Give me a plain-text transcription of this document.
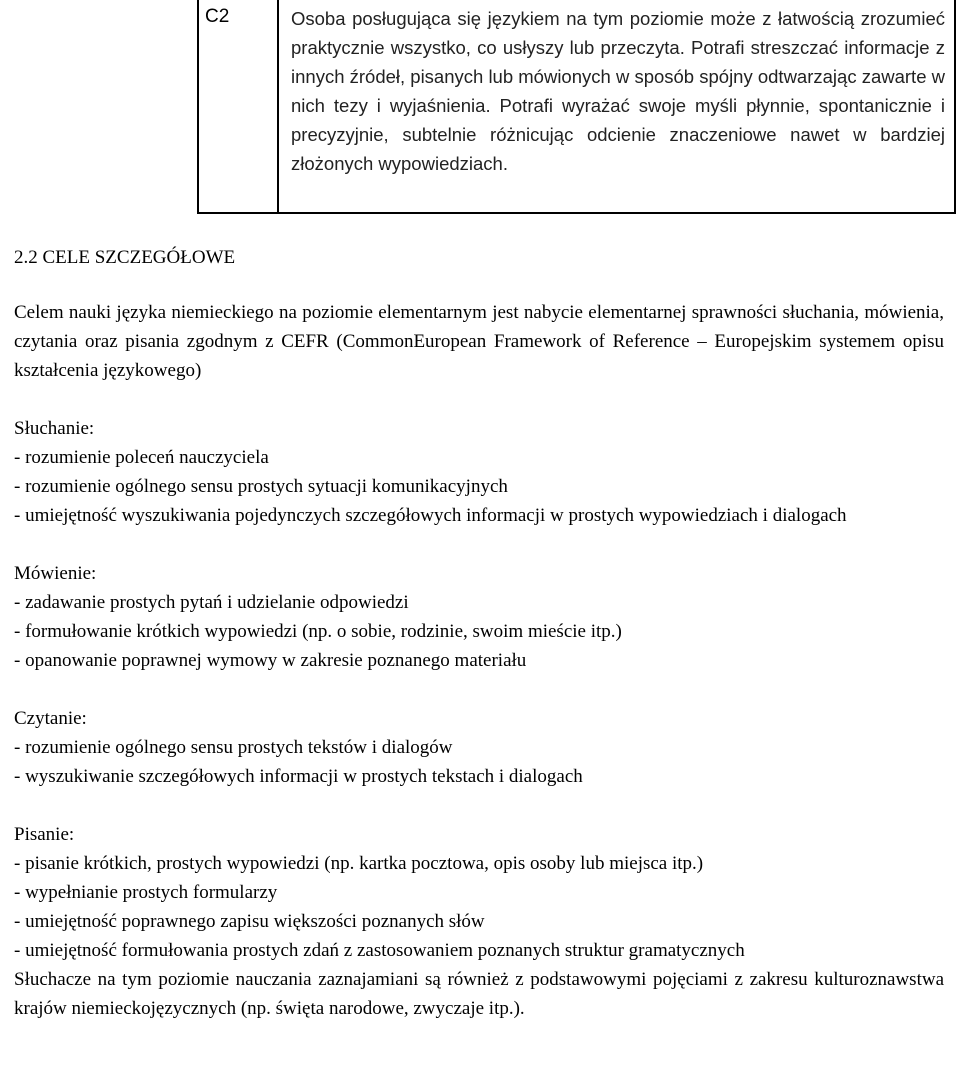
C2	Osoba posługująca się językiem na tym poziomie może z łatwością zrozumieć praktycznie wszystko, co usłyszy lub przeczyta. Potrafi streszczać informacje z innych źródeł, pisanych lub mówionych w sposób spójny odtwarzając zawarte w nich tezy i wyjaśnienia. Potrafi wyrażać swoje myśli płynnie, spontanicznie i precyzyjnie, subtelnie różnicując odcienie znaczeniowe nawet w bardziej złożonych wypowiedziach.
2.2 CELE SZCZEGÓŁOWE

Celem nauki języka niemieckiego na poziomie elementarnym jest nabycie elementarnej sprawności słuchania, mówienia, czytania oraz pisania zgodnym z CEFR (CommonEuropean Framework of Reference – Europejskim systemem opisu kształcenia językowego)

Słuchanie:

- rozumienie poleceń nauczyciela

- rozumienie ogólnego sensu prostych sytuacji komunikacyjnych

- umiejętność wyszukiwania pojedynczych szczegółowych informacji w prostych wypowiedziach i dialogach

Mówienie:

- zadawanie prostych pytań i udzielanie odpowiedzi

- formułowanie krótkich wypowiedzi (np. o sobie, rodzinie, swoim mieście itp.)

- opanowanie poprawnej wymowy w zakresie poznanego materiału

Czytanie:

- rozumienie ogólnego sensu prostych tekstów i dialogów

- wyszukiwanie szczegółowych informacji w prostych tekstach i dialogach

Pisanie:

- pisanie krótkich, prostych wypowiedzi (np. kartka pocztowa, opis osoby lub miejsca itp.)

- wypełnianie prostych formularzy

- umiejętność poprawnego zapisu większości poznanych słów

- umiejętność formułowania prostych zdań z zastosowaniem poznanych struktur gramatycznych

Słuchacze na tym poziomie nauczania zaznajamiani są również z podstawowymi pojęciami z zakresu kulturoznawstwa krajów niemieckojęzycznych (np. święta narodowe, zwyczaje itp.).
